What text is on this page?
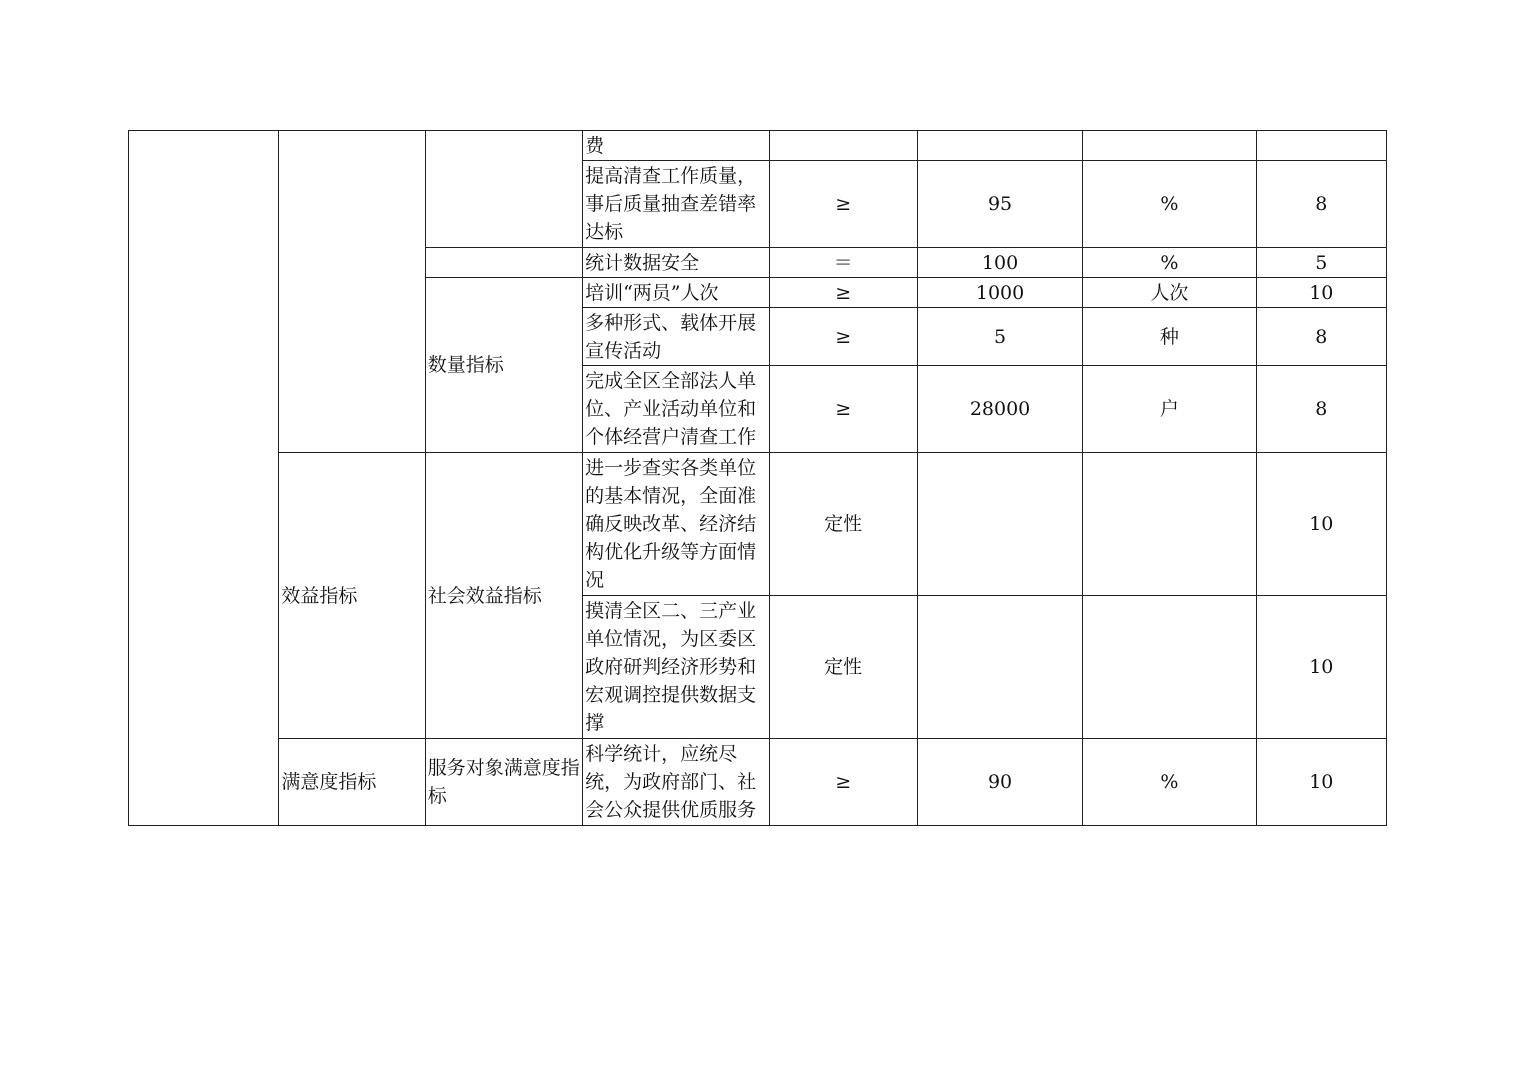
			费				
			提高清查工作质量，事后质量抽查差错率达标	≥	95	%	8
			统计数据安全	＝	100	%	5
		数量指标	培训“两员”人次	≥	1000	人次	10
			多种形式、载体开展宣传活动	≥	5	种	8
			完成全区全部法人单位、产业活动单位和个体经营户清查工作	≥	28000	户	8
	效益指标	社会效益指标	进一步查实各类单位的基本情况，全面准确反映改革、经济结构优化升级等方面情况	定性			10
			摸清全区二、三产业单位情况，为区委区政府研判经济形势和宏观调控提供数据支撑	定性			10
	满意度指标	服务对象满意度指标	科学统计，应统尽统，为政府部门、社会公众提供优质服务	≥	90	%	10
